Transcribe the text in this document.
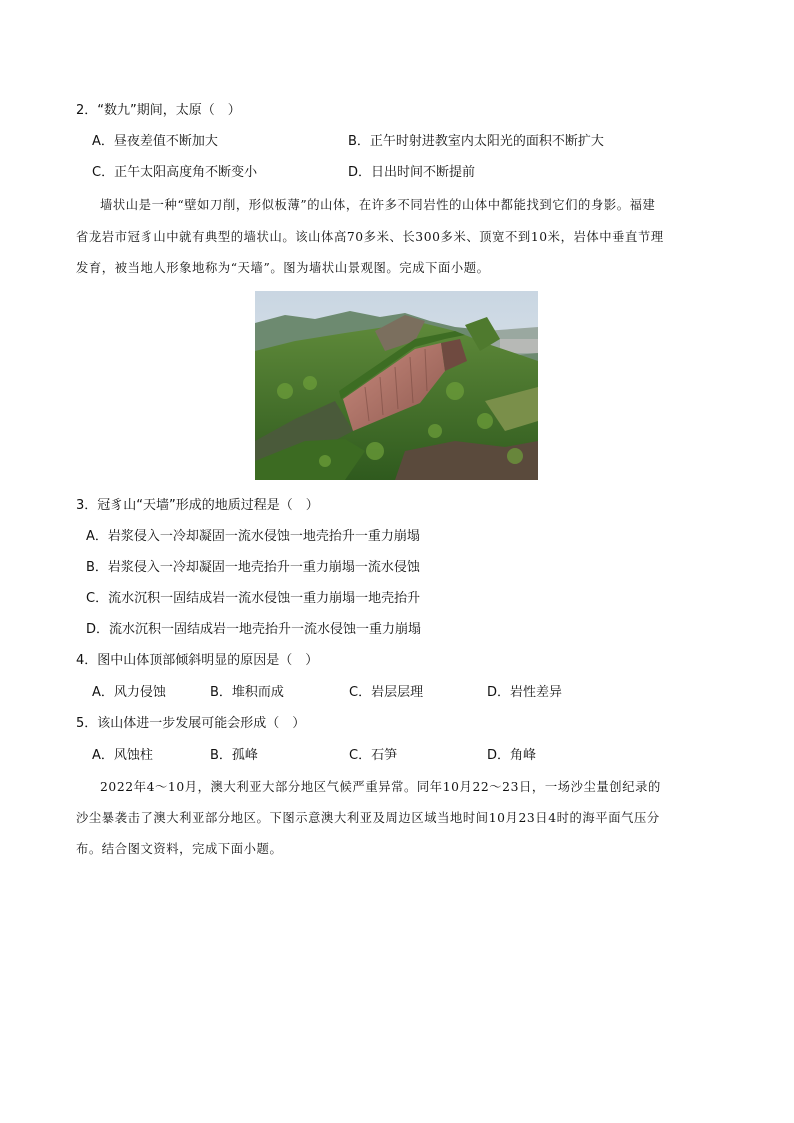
2．“数九”期间，太原（　）
A．昼夜差值不断加大	B．正午时射进教室内太阳光的面积不断扩大
C．正午太阳高度角不断变小	D．日出时间不断提前
墙状山是一种“壁如刀削，形似板薄”的山体，在许多不同岩性的山体中都能找到它们的身影。福建
省龙岩市冠豸山中就有典型的墙状山。该山体高70多米、长300多米、顶宽不到10米，岩体中垂直节理
发育，被当地人形象地称为“天墙”。图为墙状山景观图。完成下面小题。
3．冠豸山“天墙”形成的地质过程是（　）
A．岩浆侵入一冷却凝固一流水侵蚀一地壳抬升一重力崩塌
B．岩浆侵入一冷却凝固一地壳抬升一重力崩塌一流水侵蚀
C．流水沉积一固结成岩一流水侵蚀一重力崩塌一地壳抬升
D．流水沉积一固结成岩一地壳抬升一流水侵蚀一重力崩塌
4．图中山体顶部倾斜明显的原因是（　）
A．风力侵蚀	B．堆积而成	C．岩层层理	D．岩性差异
5．该山体进一步发展可能会形成（　）
A．风蚀柱	B．孤峰	C．石笋	D．角峰
2022年4～10月，澳大利亚大部分地区气候严重异常。同年10月22～23日，一场沙尘量创纪录的
沙尘暴袭击了澳大利亚部分地区。下图示意澳大利亚及周边区域当地时间10月23日4时的海平面气压分
布。结合图文资料，完成下面小题。
